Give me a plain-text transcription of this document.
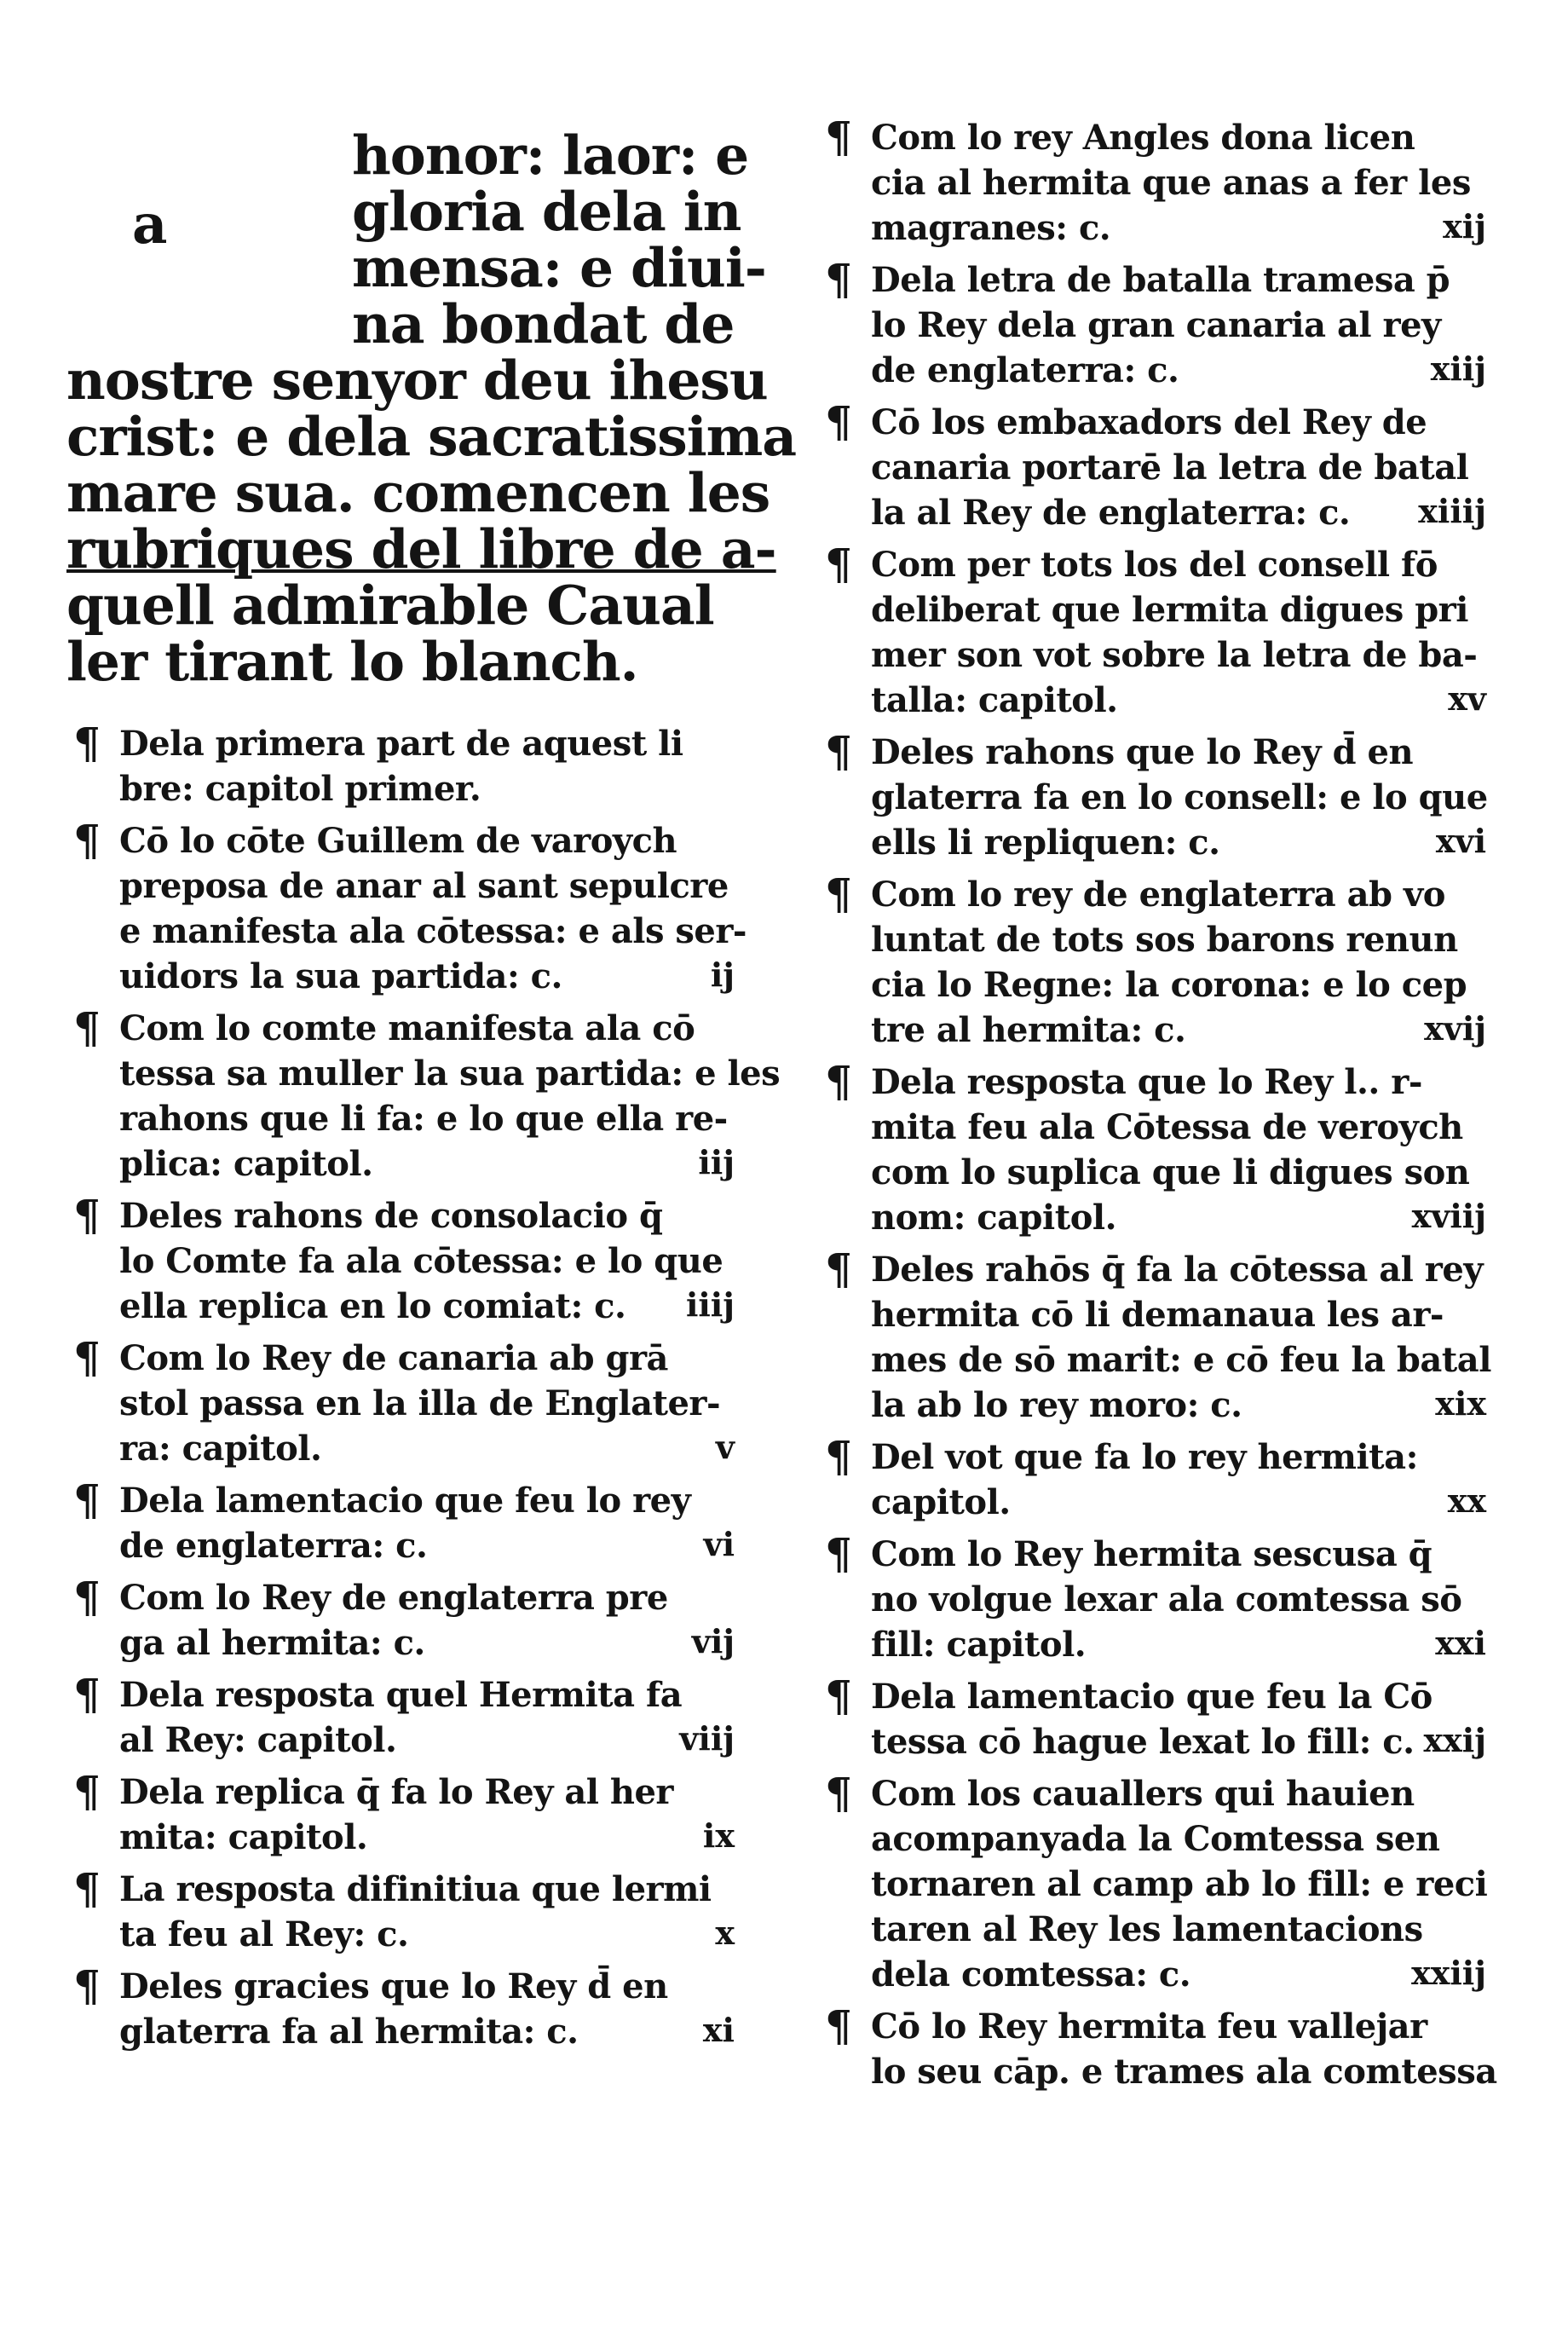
a
honor: laor: e
gloria dela in
mensa: e diui-
na bondat de
nostre senyor deu ihesu
crist: e dela sacratissima
mare sua. comencen les
rubriques del libre de a-
quell admirable Caual
ler tirant lo blanch.
¶ Dela primera part de aquest li
bre: capitol primer.
¶ Cō lo cōte Guillem de varoych
preposa de anar al sant sepulcre
e manifesta ala cōtessa: e als ser-
uidors la sua partida: c.	ij
¶ Com lo comte manifesta ala cō
tessa sa muller la sua partida: e les
rahons que li fa: e lo que ella re-
plica: capitol.	iij
¶ Deles rahons de consolacio q̄
lo Comte fa ala cōtessa: e lo que
ella replica en lo comiat: c.	iiij
¶ Com lo Rey de canaria ab grā
stol passa en la illa de Englater-
ra: capitol.	v
¶ Dela lamentacio que feu lo rey
de englaterra: c.	vi
¶ Com lo Rey de englaterra pre
ga al hermita: c.	vij
¶ Dela resposta quel Hermita fa
al Rey: capitol.	viij
¶ Dela replica q̄ fa lo Rey al her
mita: capitol.	ix
¶ La resposta difinitiua que lermi
ta feu al Rey: c.	x
¶ Deles gracies que lo Rey d̄ en
glaterra fa al hermita: c.	xi
¶ Com lo rey Angles dona licen
cia al hermita que anas a fer les
magranes: c.	xij
¶ Dela letra de batalla tramesa p̄
lo Rey dela gran canaria al rey
de englaterra: c.	xiij
¶ Cō los embaxadors del Rey de
canaria portarē la letra de batal
la al Rey de englaterra: c.	xiiij
¶ Com per tots los del consell fō
deliberat que lermita digues pri
mer son vot sobre la letra de ba-
talla: capitol.	xv
¶ Deles rahons que lo Rey d̄ en
glaterra fa en lo consell: e lo que
ells li repliquen: c.	xvi
¶ Com lo rey de englaterra ab vo
luntat de tots sos barons renun
cia lo Regne: la corona: e lo cep
tre al hermita: c.	xvij
¶ Dela resposta que lo Rey l.. r-
mita feu ala Cōtessa de veroych
com lo suplica que li digues son
nom: capitol.	xviij
¶ Deles rahōs q̄ fa la cōtessa al rey
hermita cō li demanaua les ar-
mes de sō marit: e cō feu la batal
la ab lo rey moro: c.	xix
¶ Del vot que fa lo rey hermita:
capitol.	xx
¶ Com lo Rey hermita sescusa q̄
no volgue lexar ala comtessa sō
fill: capitol.	xxi
¶ Dela lamentacio que feu la Cō
tessa cō hague lexat lo fill: c. xxij
¶ Com los cauallers qui hauien
acompanyada la Comtessa sen
tornaren al camp ab lo fill: e reci
taren al Rey les lamentacions
dela comtessa: c.	xxiij
¶ Cō lo Rey hermita feu vallejar
lo seu cāp. e trames ala comtessa
